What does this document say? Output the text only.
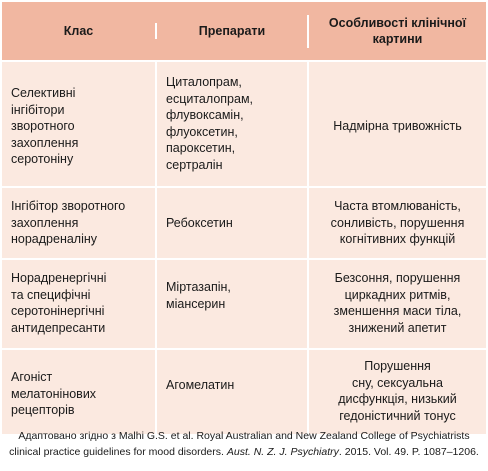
Клас	Препарати
Особливості клінічної картини
Селективні
інгібітори
зворотного
захоплення
серотоніну
Циталопрам,
есциталопрам,
флувоксамін,
флуоксетин,
пароксетин,
сертралін
Надмірна тривожність
Інгібітор зворотного
захоплення
норадреналіну
Ребоксетин
Часта втомлюваність,
сонливість, порушення
когнітивних функцій
Норадренергічні
та специфічні
серотонінергічні
антидепресанти
Міртазапін,
міансерин
Безсоння, порушення
циркадних ритмів,
зменшення маси тіла,
знижений апетит
Агоніст
мелатонінових
рецепторів
Агомелатин
Порушення
сну, сексуальна
дисфункція, низький
гедоністичний тонус
Адаптовано згідно з Malhi G.S. et al. Royal Australian and New Zealand College of Psychiatrists
clinical practice guidelines for mood disorders. Aust. N. Z. J. Psychiatry. 2015. Vol. 49. P. 1087–1206.
